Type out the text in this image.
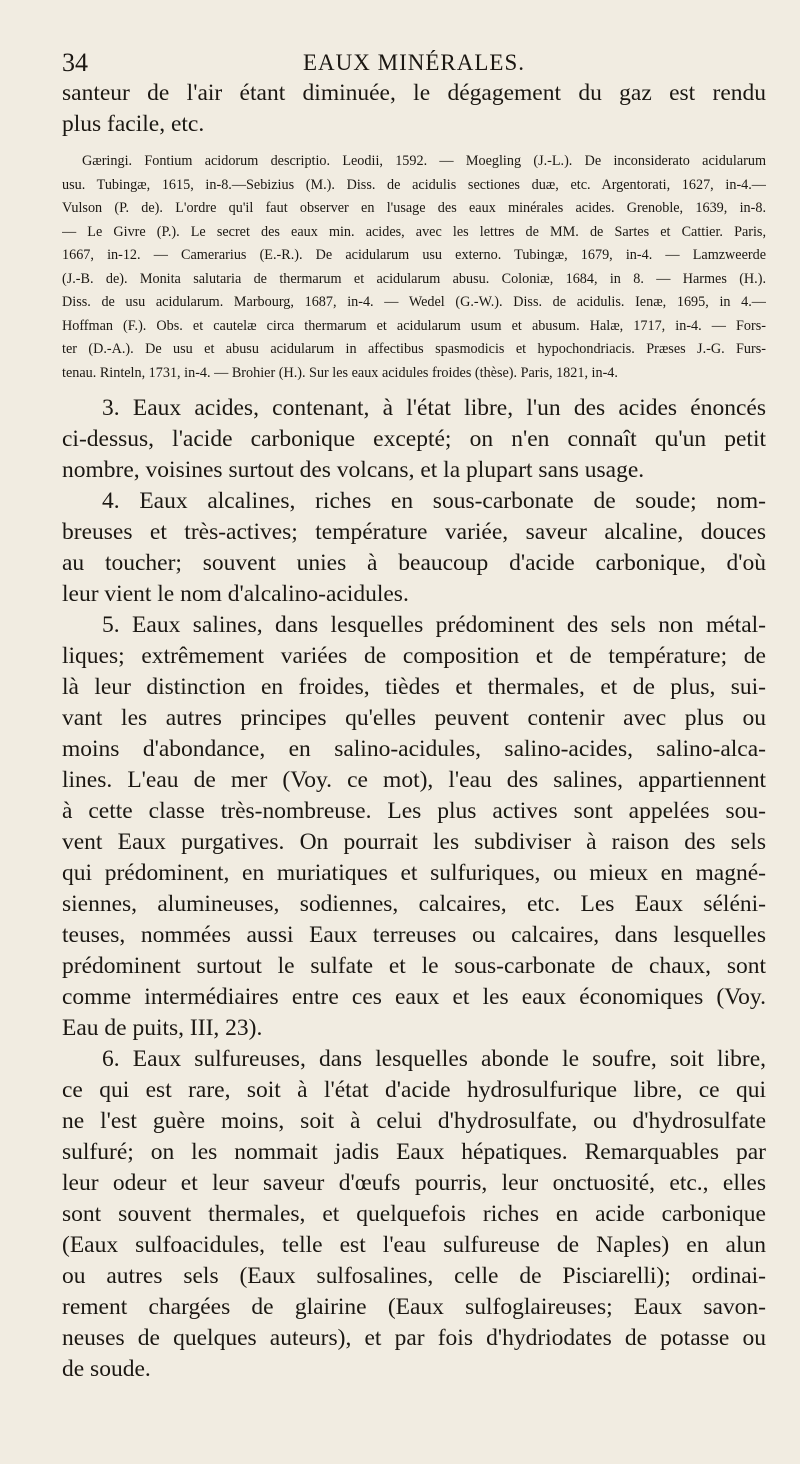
34	EAUX MINÉRALES.
santeur de l'air étant diminuée, le dégagement du gaz est rendu
plus facile, etc.
Gæringi. Fontium acidorum descriptio. Leodii, 1592. — Moegling (J.-L.). De inconsiderato acidularum
usu. Tubingæ, 1615, in-8.—Sebizius (M.). Diss. de acidulis sectiones duæ, etc. Argentorati, 1627, in-4.—
Vulson (P. de). L'ordre qu'il faut observer en l'usage des eaux minérales acides. Grenoble, 1639, in-8.
— Le Givre (P.). Le secret des eaux min. acides, avec les lettres de MM. de Sartes et Cattier. Paris,
1667, in-12. — Camerarius (E.-R.). De acidularum usu externo. Tubingæ, 1679, in-4. — Lamzweerde
(J.-B. de). Monita salutaria de thermarum et acidularum abusu. Coloniæ, 1684, in 8. — Harmes (H.).
Diss. de usu acidularum. Marbourg, 1687, in-4. — Wedel (G.-W.). Diss. de acidulis. Ienæ, 1695, in 4.—
Hoffman (F.). Obs. et cautelæ circa thermarum et acidularum usum et abusum. Halæ, 1717, in-4. — Fors-
ter (D.-A.). De usu et abusu acidularum in affectibus spasmodicis et hypochondriacis. Præses J.-G. Furs-
tenau. Rinteln, 1731, in-4. — Brohier (H.). Sur les eaux acidules froides (thèse). Paris, 1821, in-4.
3. Eaux acides, contenant, à l'état libre, l'un des acides énoncés
ci-dessus, l'acide carbonique excepté; on n'en connaît qu'un petit
nombre, voisines surtout des volcans, et la plupart sans usage.
4. Eaux alcalines, riches en sous-carbonate de soude; nom-
breuses et très-actives; température variée, saveur alcaline, douces
au toucher; souvent unies à beaucoup d'acide carbonique, d'où
leur vient le nom d'alcalino-acidules.
5. Eaux salines, dans lesquelles prédominent des sels non métal-
liques; extrêmement variées de composition et de température; de
là leur distinction en froides, tièdes et thermales, et de plus, sui-
vant les autres principes qu'elles peuvent contenir avec plus ou
moins d'abondance, en salino-acidules, salino-acides, salino-alca-
lines. L'eau de mer (Voy. ce mot), l'eau des salines, appartiennent
à cette classe très-nombreuse. Les plus actives sont appelées sou-
vent Eaux purgatives. On pourrait les subdiviser à raison des sels
qui prédominent, en muriatiques et sulfuriques, ou mieux en magné-
siennes, alumineuses, sodiennes, calcaires, etc. Les Eaux séléni-
teuses, nommées aussi Eaux terreuses ou calcaires, dans lesquelles
prédominent surtout le sulfate et le sous-carbonate de chaux, sont
comme intermédiaires entre ces eaux et les eaux économiques (Voy.
Eau de puits, III, 23).
6. Eaux sulfureuses, dans lesquelles abonde le soufre, soit libre,
ce qui est rare, soit à l'état d'acide hydrosulfurique libre, ce qui
ne l'est guère moins, soit à celui d'hydrosulfate, ou d'hydrosulfate
sulfuré; on les nommait jadis Eaux hépatiques. Remarquables par
leur odeur et leur saveur d'œufs pourris, leur onctuosité, etc., elles
sont souvent thermales, et quelquefois riches en acide carbonique
(Eaux sulfoacidules, telle est l'eau sulfureuse de Naples) en alun
ou autres sels (Eaux sulfosalines, celle de Pisciarelli); ordinai-
rement chargées de glairine (Eaux sulfoglaireuses; Eaux savon-
neuses de quelques auteurs), et par fois d'hydriodates de potasse ou
de soude.
